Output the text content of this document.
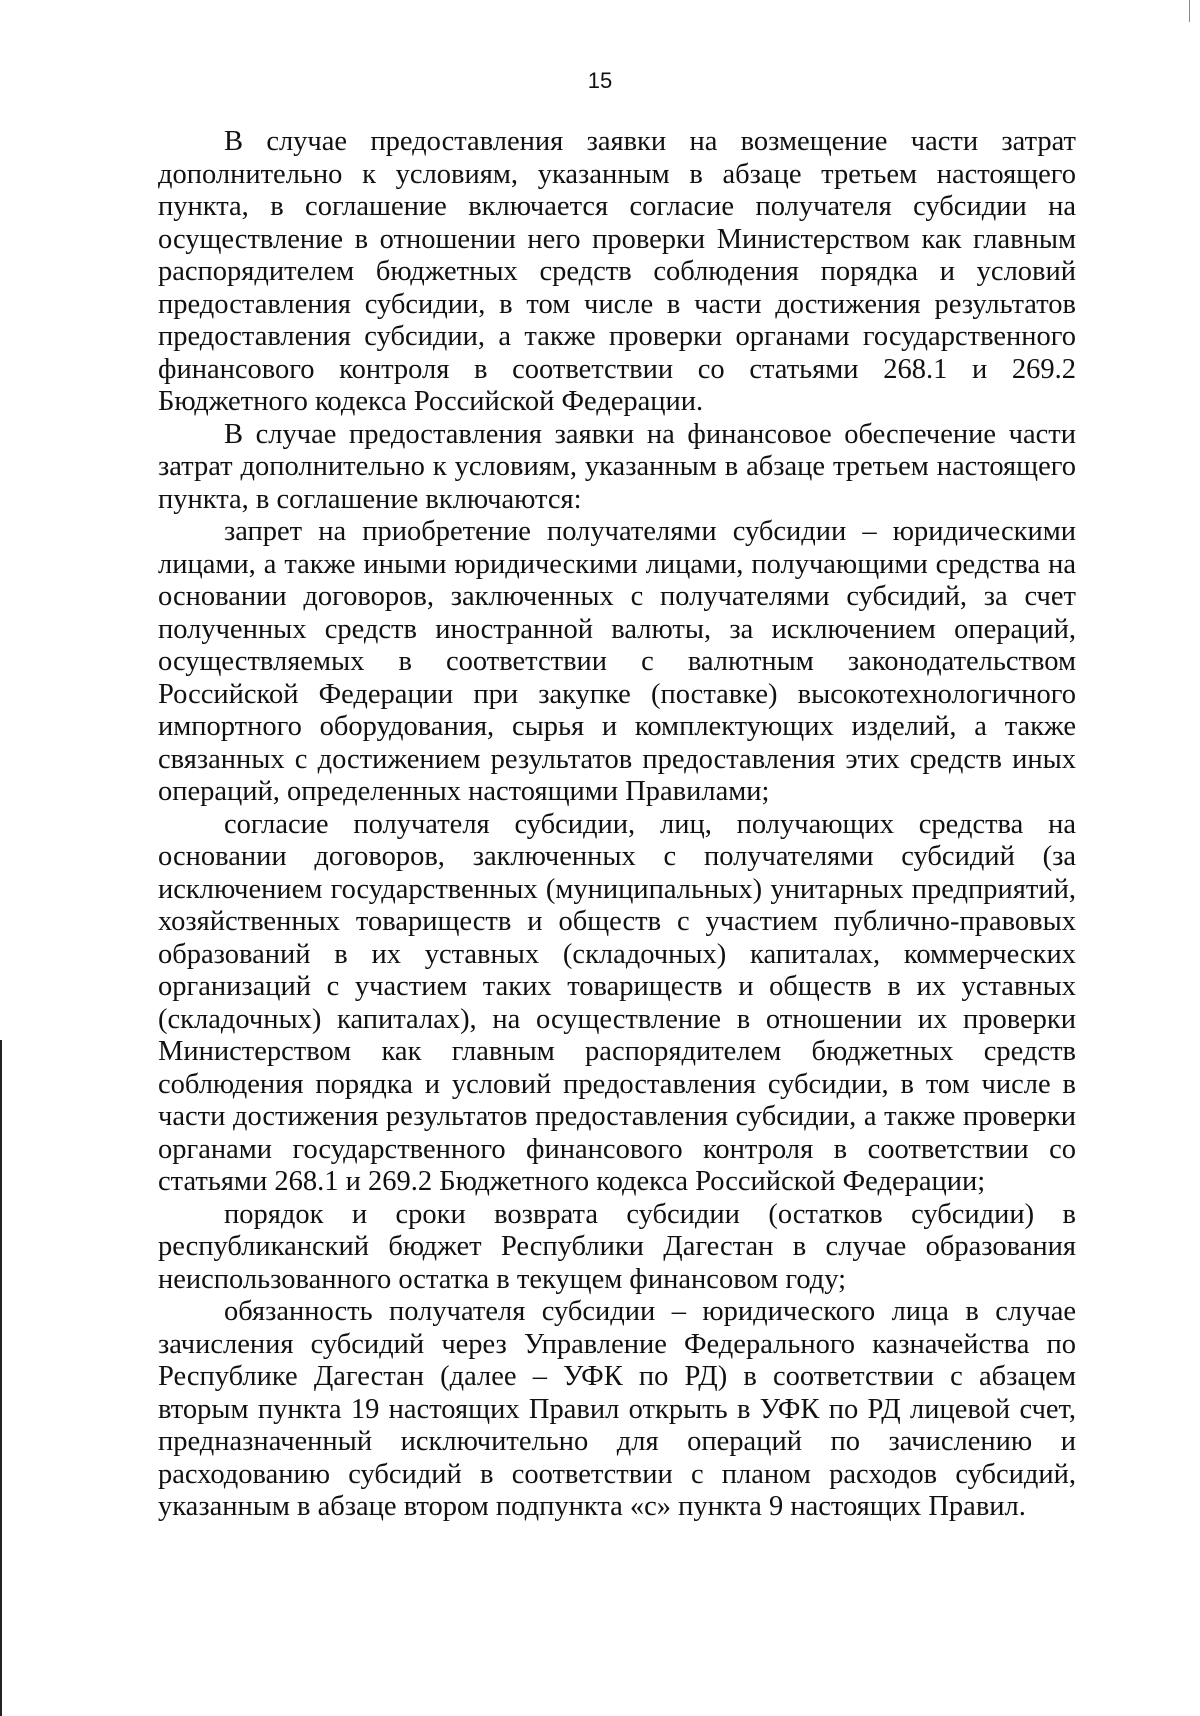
15

В случае предоставления заявки на возмещение части затрат дополнительно к условиям, указанным в абзаце третьем настоящего пункта, в соглашение включается согласие получателя субсидии на осуществление в отношении него проверки Министерством как главным распорядителем бюджетных средств соблюдения порядка и условий предоставления субсидии, в том числе в части достижения результатов предоставления субсидии, а также проверки органами государственного финансового контроля в соответствии со статьями 268.1 и 269.2 Бюджетного кодекса Российской Федерации.

В случае предоставления заявки на финансовое обеспечение части затрат дополнительно к условиям, указанным в абзаце третьем настоящего пункта, в соглашение включаются:

запрет на приобретение получателями субсидии – юридическими лицами, а также иными юридическими лицами, получающими средства на основании договоров, заключенных с получателями субсидий, за счет полученных средств иностранной валюты, за исключением операций, осуществляемых в соответствии с валютным законодательством Российской Федерации при закупке (поставке) высокотехнологичного импортного оборудования, сырья и комплектующих изделий, а также связанных с достижением результатов предоставления этих средств иных операций, определенных настоящими Правилами;

согласие получателя субсидии, лиц, получающих средства на основании договоров, заключенных с получателями субсидий (за исключением государственных (муниципальных) унитарных предприятий, хозяйственных товариществ и обществ с участием публично-правовых образований в их уставных (складочных) капиталах, коммерческих организаций с участием таких товариществ и обществ в их уставных (складочных) капиталах), на осуществление в отношении их проверки Министерством как главным распорядителем бюджетных средств соблюдения порядка и условий предоставления субсидии, в том числе в части достижения результатов предоставления субсидии, а также проверки органами государственного финансового контроля в соответствии со статьями 268.1 и 269.2 Бюджетного кодекса Российской Федерации;

порядок и сроки возврата субсидии (остатков субсидии) в республиканский бюджет Республики Дагестан в случае образования неиспользованного остатка в текущем финансовом году;

обязанность получателя субсидии – юридического лица в случае зачисления субсидий через Управление Федерального казначейства по Республике Дагестан (далее – УФК по РД) в соответствии с абзацем вторым пункта 19 настоящих Правил открыть в УФК по РД лицевой счет, предназначенный исключительно для операций по зачислению и расходованию субсидий в соответствии с планом расходов субсидий, указанным в абзаце втором подпункта «с» пункта 9 настоящих Правил.
